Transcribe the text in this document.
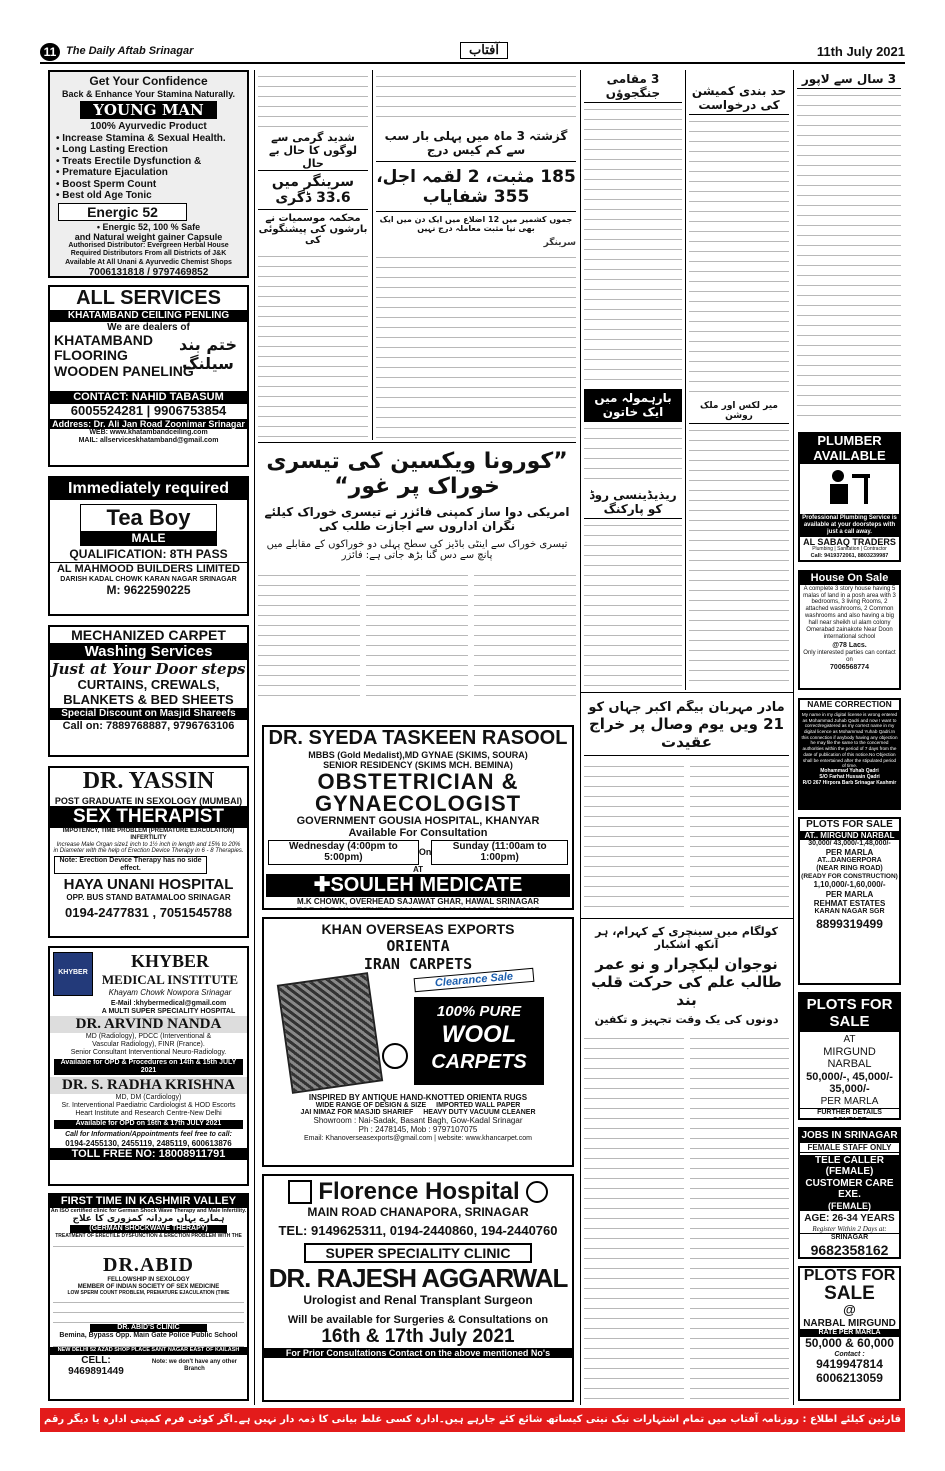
11 The Daily Aftab Srinagar	آفتاب	11th July 2021
Get Your Confidence
Back & Enhance Your Stamina Naturally.
YOUNG MAN
100% Ayurvedic Product
• Increase Stamina & Sexual Health.
• Long Lasting Erection
• Treats Erectile Dysfunction &
• Premature Ejaculation
• Boost Sperm Count
• Best old Age Tonic
Energic 52
• Energic 52, 100 % Safe
and Natural weight gainer Capsule
Authorised Distributor: Evergreen Herbal House
Required Distributors From all Districts of J&K
Available At All Unani & Ayurvedic Chemist Shops
7006131818 / 9797469852
ALL SERVICES
KHATAMBAND CEILING PENLING
We are dealers of
KHATAMBAND
FLOORING
WOODEN PANELING
ختم بند سیلنگ
CONTACT: NAHID TABASUM
6005524281 | 9906753854
Address: Dr. Ali Jan Road Zoonimar Srinagar
WEB: www.khatambandceiling.com
MAIL: allserviceskhatamband@gmail.com
Immediately required
Tea Boy
MALE
QUALIFICATION: 8TH PASS
AL MAHMOOD BUILDERS LIMITED
DARISH KADAL CHOWK KARAN NAGAR SRINAGAR
M: 9622590225
MECHANIZED CARPET
Washing Services
Just at Your Door steps
CURTAINS, CREWALS,
BLANKETS & BED SHEETS
Special Discount on Masjid Shareefs
Call on: 7889768887, 9796763106
DR. YASSIN
POST GRADUATE IN SEXOLOGY (MUMBAI)
SEX THERAPIST
IMPOTENCY, TIME PROBLEM (PREMATURE EJACULATION) INFERTILITY
Increase Male Organ size1 inch to 1½ inch in length and 15% to 20%
in Diameter with the help of Erection Device Therapy in 6 - 8 Therapies.
Note: Erection Device Therapy has no side effect.
HAYA UNANI HOSPITAL
OPP. BUS STAND BATAMALOO SRINAGAR
0194-2477831 , 7051545788
KHYBER
KHYBER
MEDICAL INSTITUTE
Khayam Chowk Nowpora Srinagar
E-Mail :khybermedical@gmail.com
A MULTI SUPER SPECIALITY HOSPITAL
DR. ARVIND NANDA
MD (Radiology), PDCC (Interventional &
Vascular Radiology), FINR (France).
Senior Consultant Interventional Neuro-Radiology.
Available for OPD & Procedures on 14th & 15th JULY 2021
DR. S. RADHA KRISHNA
MD, DM (Cardiology)
Sr. Interventional Paediatric Cardiologist & HOD Escorts
Heart Institute and Research Centre-New Delhi
Available for OPD on 16th & 17th JULY 2021
Call for Information/Appointments feel free to call:
0194-2455130, 2455119, 2485119, 600613876
TOLL FREE NO: 18008911791
FIRST TIME IN KASHMIR VALLEY
An ISO certified clinic for German Shock Wave Therapy and Male Infertility.
ہمارے یہاں مردانہ کمزوری کا علاج
(GERMAN SHOCKWAVE THERAPY)
TREATMENT OF ERECTILE DYSFUNCTION & ERECTION PROBLEM WITH THE
DR.ABID
FELLOWSHIP IN SEXOLOGY
MEMBER OF INDIAN SOCIETY OF SEX MEDICINE
LOW SPERM COUNT PROBLEM, PREMATURE EJACULATION (TIME
DR. ABID'S CLINIC
Bemina, Bypass Opp. Main Gate Police Public School
NEW DELHI 52 AZAD SHOP PLACE SANT NAGAR EAST OF KAILASH
CELL: 9469891449
Note: we don't have any other Branch
شدید گرمی سے لوگوں کا حال بے حال
سرینگر میں 33.6 ڈگری
محکمہ موسمیات نے بارشوں کی پیشنگوئی کی
گزشتہ 3 ماہ میں پہلی بار سب سے کم کیس درج
185 مثبت، 2 لقمہ اجل، 355 شفایاب
جموں کشمیر میں 12 اضلاع میں ایک دن میں ایک بھی نیا مثبت معاملہ درج نہیں
سرینگر
”کورونا ویکسین کی تیسری خوراک پر غور“
امریکی دوا ساز کمپنی فائزر نے تیسری خوراک کیلئے نگران اداروں سے اجازت طلب کی
تیسری خوراک سے اینٹی باڈیز کی سطح پہلی دو خوراکوں کے مقابلے میں پانچ سے دس گنا بڑھ جاتی ہے: فائزر
DR. SYEDA TASKEEN RASOOL
MBBS (Gold Medalist),MD GYNAE (SKIMS, SOURA)
SENIOR RESIDENCY (SKIMS MCH. BEMINA)
OBSTETRICIAN &
GYNAECOLOGIST
GOVERNMENT GOUSIA HOSPITAL, KHANYAR
Available For Consultation
Wednesday (4:00pm to 5:00pm)
On
Sunday (11:00am to 1:00pm)
AT
✚SOULEH MEDICATE
M.K CHOWK, OVERHEAD SAJAWAT GHAR, HAWAL SRINAGAR
KHAN OVERSEAS EXPORTS
ORIENTA
IRAN CARPETS
Clearance Sale
100% PURE
WOOL
CARPETS
INSPIRED BY ANTIQUE HAND-KNOTTED ORIENTA RUGS
WIDE RANGE OF DESIGN & SIZE IMPORTED WALL PAPER
JAI NIMAZ FOR MASJID SHARIEF HEAVY DUTY VACUUM CLEANER
Showroom : Nai-Sadak, Basant Bagh, Gow-Kadal Srinagar
Ph : 2478145, Mob : 9797107075
Email: Khanoverseasexports@gmail.com | website: www.khancarpet.com
Florence Hospital
MAIN ROAD CHANAPORA, SRINAGAR
TEL: 9149625311, 0194-2440860, 194-2440760
SUPER SPECIALITY CLINIC
DR. RAJESH AGGARWAL
Urologist and Renal Transplant Surgeon
Will be available for Surgeries & Consultations on
16th & 17th July 2021
For Prior Consultations Contact on the above mentioned No's
3 مقامی جنگجوؤں
بارہمولہ میں ایک خاتون
ریذیڈینسی روڈ کو پارکنگ
حد بندی کمیشن کی درخواست
میر لکس اور ملک روشن
3 سال سے لاپور
مادر مہربان بیگم اکبر جہاں کو
21 ویں یوم وصال پر خراج عقیدت
کولگام میں سینچری کے کہرام، ہر آنکھ اشکبار
نوجوان لیکچرار و نو عمر طالب علم کی حرکت قلب بند
دونوں کی یک وقت تجہیز و تکفین
PLUMBER
AVAILABLE
Professional Plumbing Service is available at your doorsteps with just a call away.
AL SABAQ TRADERS
Plumbing | Sanitation | Contractor
Call: 9419372061, 8803239987
House On Sale
A complete 3 story house having 5 malas of land in a posh area with 3 bedrooms, 3 living Rooms, 2 attached washrooms, 2 Common washrooms and also having a big hall near sheikh ul alam colony Omerabad zainakote Near Doon international school
@78 Lacs.
Only interested parties can contact on
7006568774
NAME CORRECTION
My name in my digital license is wrong entered as Mohammad Juhab Qadri and now I want to correct/registered as my correct name in my digital licence as Mohammad Yuhab Qadri.In this connection if anybody having any objection he may file the same to the concerned authorities within the period of 7 days from the date of publication of this notice.No Objection shall be entertained after the stipulated period of time.
Mohammad Yuhab Qadri
S/O Farhat Hussain Qadri
R/O 267 Hirpora Barb Srinagar Kashmir
PLOTS FOR SALE
AT.. MIRGUND NARBAL
30,000/ 43,000/-1,48,000/-
PER MARLA
AT...DANGERPORA
(NEAR RING ROAD)
(READY FOR CONSTRUCTION)
1,10,000/-1,60,000/-
PER MARLA
REHMAT ESTATES
KARAN NAGAR SGR
8899319499
PLOTS FOR SALE
AT
MIRGUND NARBAL
50,000/-, 45,000/-
35,000/-
PER MARLA
FURTHER DETAILS
JOBS IN SRINAGAR
FEMALE STAFF ONLY
TELE CALLER (FEMALE)
CUSTOMER CARE EXE.
(FEMALE)
AGE: 26-34 YEARS
Register Within 2 Days at:
SRINAGAR
9682358162
PLOTS FOR
SALE
@
NARBAL MIRGUND
RATE PER MARLA
50,000 & 60,000
Contact :
9419947814
6006213059
قارئین کیلئے اطلاع : روزنامہ آفتاب میں تمام اشتہارات نیک نیتی کیساتھ شائع کئے جارہے ہیں۔ادارہ کسی غلط بیانی کا ذمہ دار نہیں ہے۔اگر کوئی فرم کمپنی ادارہ یا دیگر رقم طلب کرے تو اس کیلئے اچھی طرح چھان بین کریں ۔ انچارج اشتہارات
